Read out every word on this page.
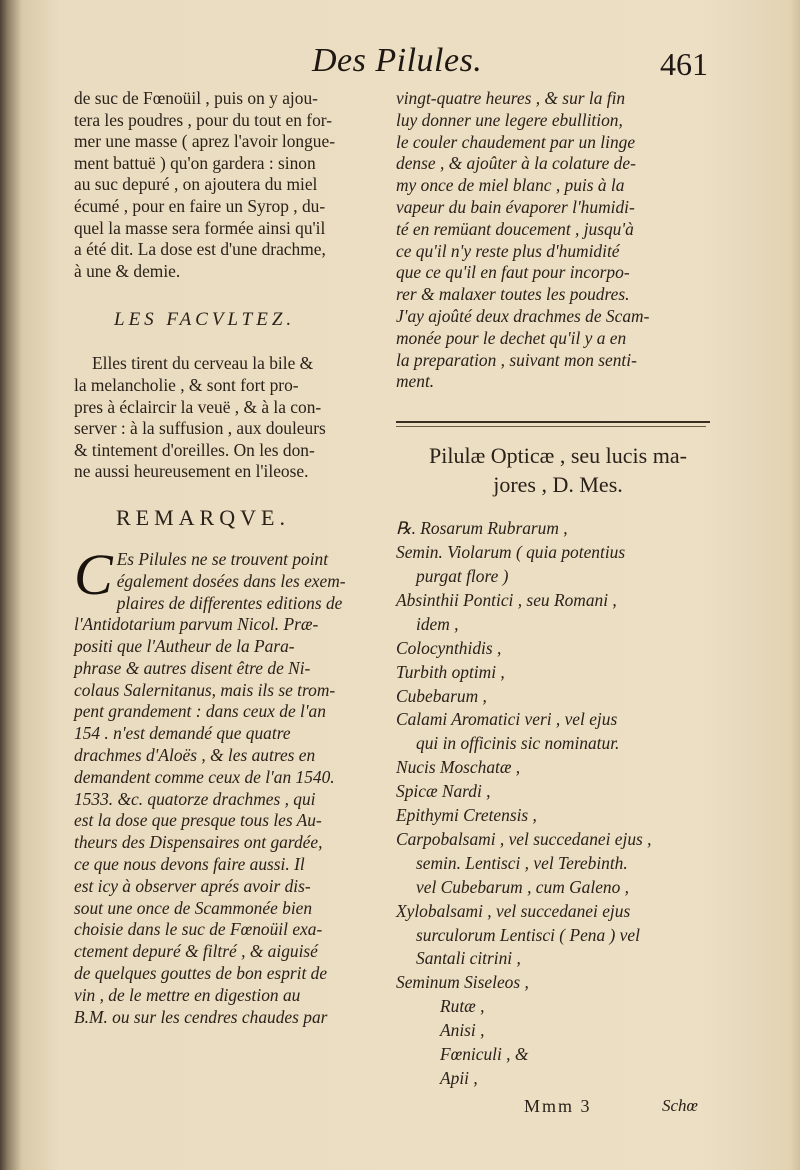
Des Pilules.	461
de suc de Fœnoüil , puis on y ajou-
tera les poudres , pour du tout en for-
mer une masse ( aprez l'avoir longue-
ment battuë ) qu'on gardera : sinon
au suc depuré , on ajoutera du miel
écumé , pour en faire un Syrop , du-
quel la masse sera formée ainsi qu'il
a été dit. La dose est d'une drachme,
à une & demie.
LES FACVLTEZ.
Elles tirent du cerveau la bile &
la melancholie , & sont fort pro-
pres à éclaircir la veuë , & à la con-
server : à la suffusion , aux douleurs
& tintement d'oreilles. On les don-
ne aussi heureusement en l'ileose.
REMARQVE.
C Es Pilules ne se trouvent point
également dosées dans les exem-
plaires de differentes editions de
l'Antidotarium parvum Nicol. Præ-
positi que l'Autheur de la Para-
phrase & autres disent être de Ni-
colaus Salernitanus, mais ils se trom-
pent grandement : dans ceux de l'an
154 . n'est demandé que quatre
drachmes d'Aloës , & les autres en
demandent comme ceux de l'an 1540.
1533. &c. quatorze drachmes , qui
est la dose que presque tous les Au-
theurs des Dispensaires ont gardée,
ce que nous devons faire aussi. Il
est icy à observer aprés avoir dis-
sout une once de Scammonée bien
choisie dans le suc de Fœnoüil exa-
ctement depuré & filtré , & aiguisé
de quelques gouttes de bon esprit de
vin , de le mettre en digestion au
B.M. ou sur les cendres chaudes par
vingt-quatre heures , & sur la fin
luy donner une legere ebullition,
le couler chaudement par un linge
dense , & ajoûter à la colature de-
my once de miel blanc , puis à la
vapeur du bain évaporer l'humidi-
té en remüant doucement , jusqu'à
ce qu'il n'y reste plus d'humidité
que ce qu'il en faut pour incorpo-
rer & malaxer toutes les poudres.
J'ay ajoûté deux drachmes de Scam-
monée pour le dechet qu'il y a en
la preparation , suivant mon senti-
ment.
Pilulæ Opticæ , seu lucis ma-
jores , D. Mes.
℞. Rosarum Rubrarum ,
Semin. Violarum ( quia potentius
purgat flore )
Absinthii Pontici , seu Romani ,
idem ,
Colocynthidis ,
Turbith optimi ,
Cubebarum ,
Calami Aromatici veri , vel ejus
qui in officinis sic nominatur.
Nucis Moschatæ ,
Spicæ Nardi ,
Epithymi Cretensis ,
Carpobalsami , vel succedanei ejus ,
semin. Lentisci , vel Terebinth.
vel Cubebarum , cum Galeno ,
Xylobalsami , vel succedanei ejus
surculorum Lentisci ( Pena ) vel
Santali citrini ,
Seminum Siseleos ,
Rutæ ,
Anisi ,
Fœniculi , &
Apii ,
Mmm 3	Schœ
